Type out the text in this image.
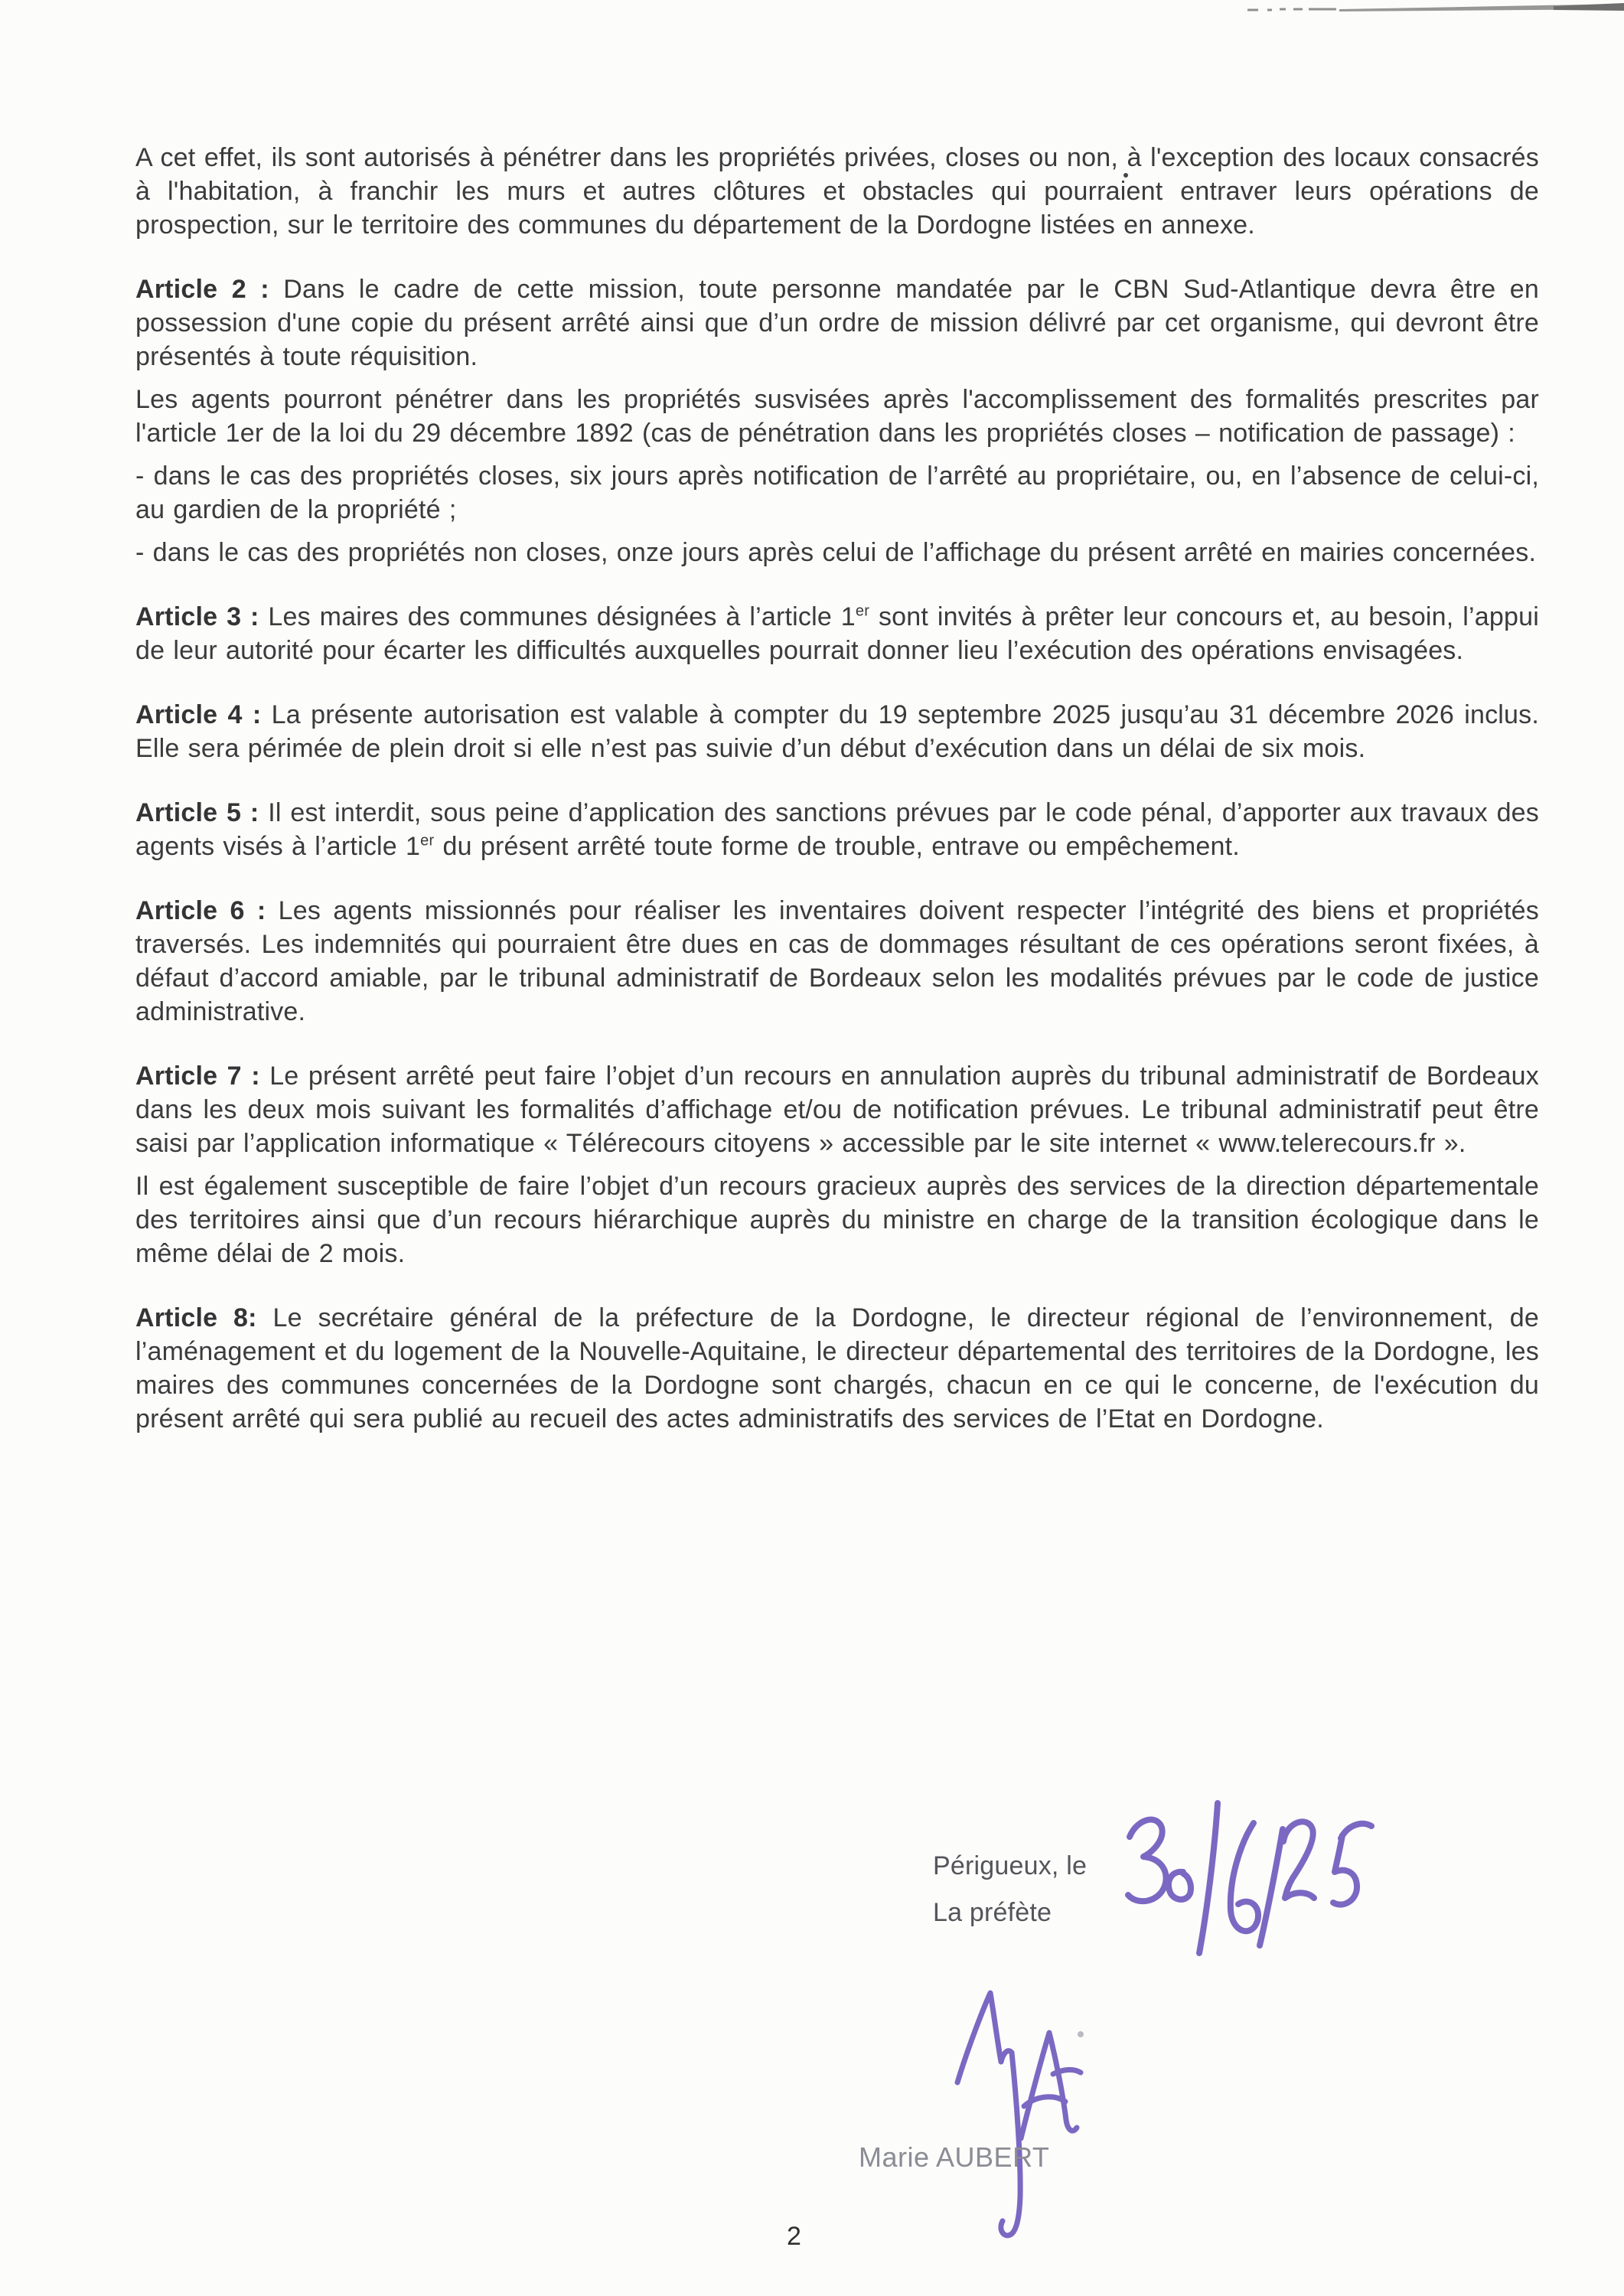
A cet effet, ils sont autorisés à pénétrer dans les propriétés privées, closes ou non, à l'exception des locaux consacrés à l'habitation, à franchir les murs et autres clôtures et obstacles qui pourraient entraver leurs opérations de prospection, sur le territoire des communes du département de la Dordogne listées en annexe.

Article 2 : Dans le cadre de cette mission, toute personne mandatée par le CBN Sud-Atlantique devra être en possession d'une copie du présent arrêté ainsi que d’un ordre de mission délivré par cet organisme, qui devront être présentés à toute réquisition.

Les agents pourront pénétrer dans les propriétés susvisées après l'accomplissement des formalités prescrites par l'article 1er de la loi du 29 décembre 1892 (cas de pénétration dans les propriétés closes – notification de passage) :

- dans le cas des propriétés closes, six jours après notification de l’arrêté au propriétaire, ou, en l’absence de celui-ci, au gardien de la propriété ;

- dans le cas des propriétés non closes, onze jours après celui de l’affichage du présent arrêté en mairies concernées.

Article 3 : Les maires des communes désignées à l’article 1er sont invités à prêter leur concours et, au besoin, l’appui de leur autorité pour écarter les difficultés auxquelles pourrait donner lieu l’exécution des opérations envisagées.

Article 4 : La présente autorisation est valable à compter du 19 septembre 2025 jusqu’au 31 décembre 2026 inclus. Elle sera périmée de plein droit si elle n’est pas suivie d’un début d’exécution dans un délai de six mois.

Article 5 : Il est interdit, sous peine d’application des sanctions prévues par le code pénal, d’apporter aux travaux des agents visés à l’article 1er du présent arrêté toute forme de trouble, entrave ou empêchement.

Article 6 : Les agents missionnés pour réaliser les inventaires doivent respecter l’intégrité des biens et propriétés traversés. Les indemnités qui pourraient être dues en cas de dommages résultant de ces opérations seront fixées, à défaut d’accord amiable, par le tribunal administratif de Bordeaux selon les modalités prévues par le code de justice administrative.

Article 7 : Le présent arrêté peut faire l’objet d’un recours en annulation auprès du tribunal administratif de Bordeaux dans les deux mois suivant les formalités d’affichage et/ou de notification prévues. Le tribunal administratif peut être saisi par l’application informatique « Télérecours citoyens » accessible par le site internet « www.telerecours.fr ».

Il est également susceptible de faire l’objet d’un recours gracieux auprès des services de la direction départementale des territoires ainsi que d’un recours hiérarchique auprès du ministre en charge de la transition écologique dans le même délai de 2 mois.

Article 8: Le secrétaire général de la préfecture de la Dordogne, le directeur régional de l’environnement, de l’aménagement et du logement de la Nouvelle-Aquitaine, le directeur départemental des territoires de la Dordogne, les maires des communes concernées de la Dordogne sont chargés, chacun en ce qui le concerne, de l'exécution du présent arrêté qui sera publié au recueil des actes administratifs des services de l’Etat en Dordogne.

Périgueux, le
La préfète
Marie AUBERT
2
